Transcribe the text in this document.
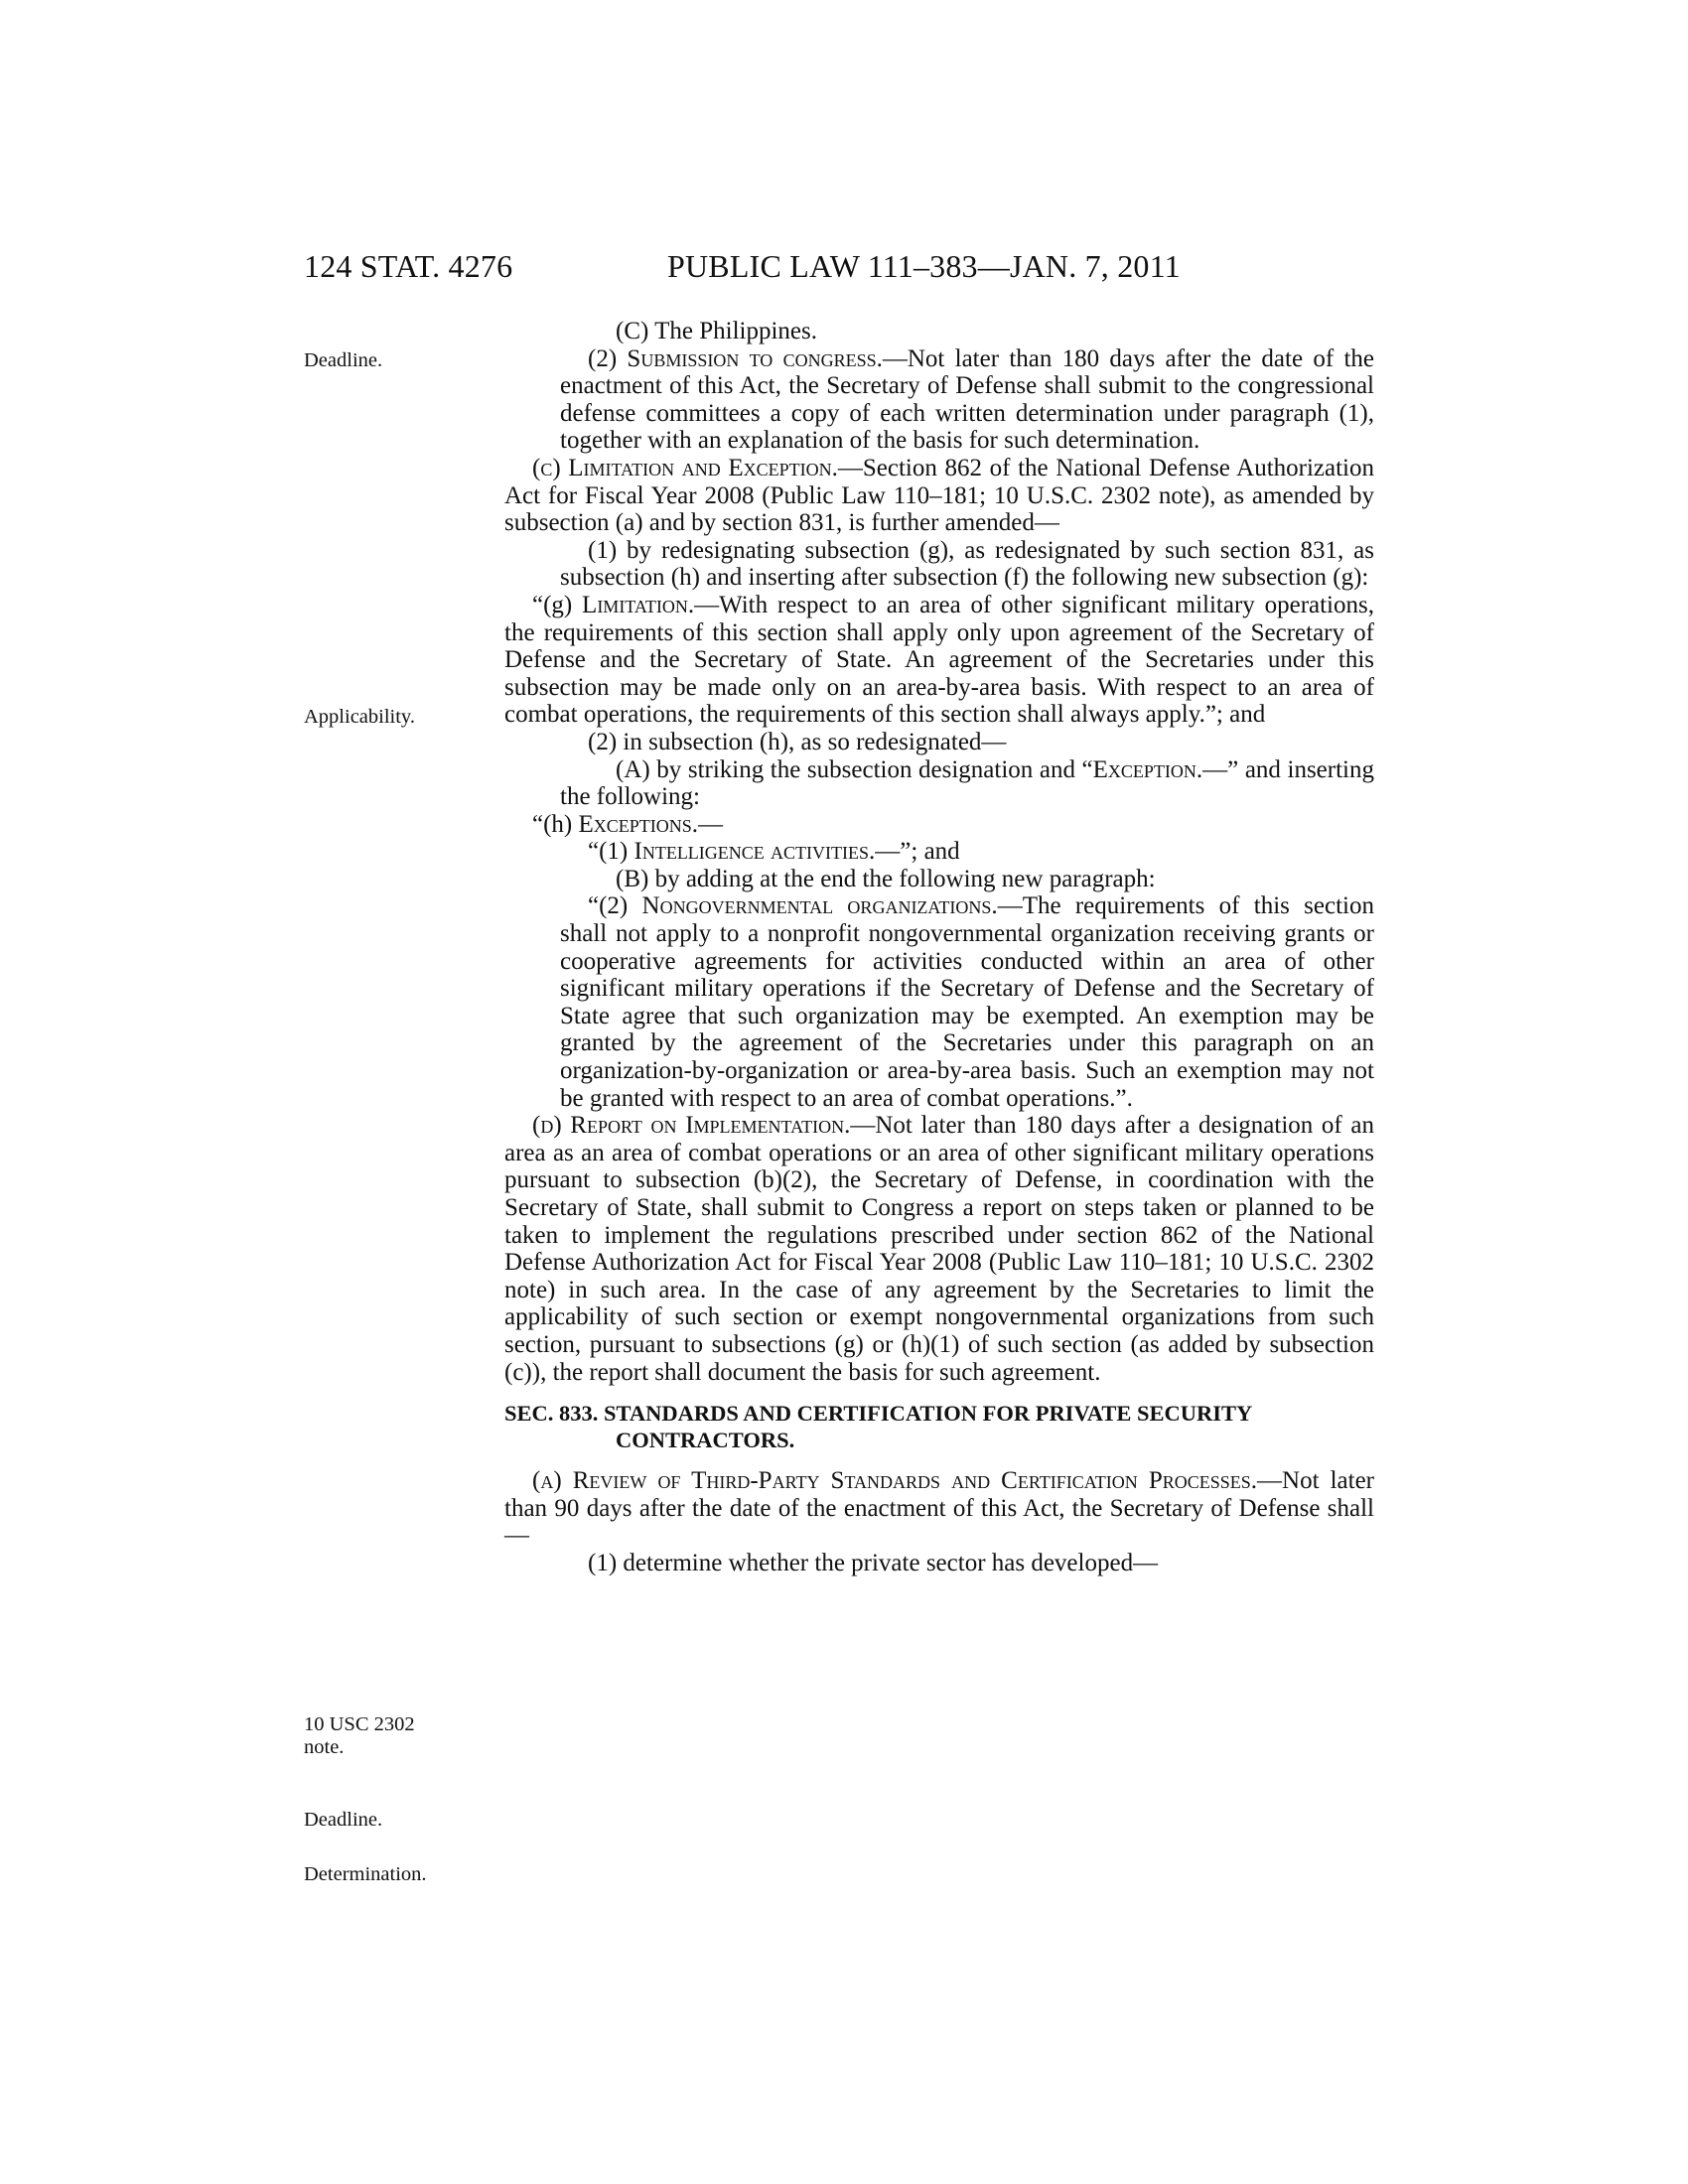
124 STAT. 4276	PUBLIC LAW 111–383—JAN. 7, 2011
Deadline.
Applicability.
10 USC 2302
note.
Deadline.
Determination.

(C) The Philippines.

(2) Submission to congress.—Not later than 180 days after the date of the enactment of this Act, the Secretary of Defense shall submit to the congressional defense committees a copy of each written determination under paragraph (1), together with an explanation of the basis for such determination.

(c) Limitation and Exception.—Section 862 of the National Defense Authorization Act for Fiscal Year 2008 (Public Law 110–181; 10 U.S.C. 2302 note), as amended by subsection (a) and by section 831, is further amended—

(1) by redesignating subsection (g), as redesignated by such section 831, as subsection (h) and inserting after subsection (f) the following new subsection (g):

“(g) Limitation.—With respect to an area of other significant military operations, the requirements of this section shall apply only upon agreement of the Secretary of Defense and the Secretary of State. An agreement of the Secretaries under this subsection may be made only on an area-by-area basis. With respect to an area of combat operations, the requirements of this section shall always apply.”; and

(2) in subsection (h), as so redesignated—

(A) by striking the subsection designation and “Exception.—” and inserting the following:

“(h) Exceptions.—

“(1) Intelligence activities.—”; and

(B) by adding at the end the following new paragraph:

“(2) Nongovernmental organizations.—The requirements of this section shall not apply to a nonprofit nongovernmental organization receiving grants or cooperative agreements for activities conducted within an area of other significant military operations if the Secretary of Defense and the Secretary of State agree that such organization may be exempted. An exemption may be granted by the agreement of the Secretaries under this paragraph on an organization-by-organization or area-by-area basis. Such an exemption may not be granted with respect to an area of combat operations.”.

(d) Report on Implementation.—Not later than 180 days after a designation of an area as an area of combat operations or an area of other significant military operations pursuant to subsection (b)(2), the Secretary of Defense, in coordination with the Secretary of State, shall submit to Congress a report on steps taken or planned to be taken to implement the regulations prescribed under section 862 of the National Defense Authorization Act for Fiscal Year 2008 (Public Law 110–181; 10 U.S.C. 2302 note) in such area. In the case of any agreement by the Secretaries to limit the applicability of such section or exempt nongovernmental organizations from such section, pursuant to subsections (g) or (h)(1) of such section (as added by subsection (c)), the report shall document the basis for such agreement.

SEC. 833. STANDARDS AND CERTIFICATION FOR PRIVATE SECURITY
CONTRACTORS.

(a) Review of Third-Party Standards and Certification Processes.—Not later than 90 days after the date of the enactment of this Act, the Secretary of Defense shall—

(1) determine whether the private sector has developed—
